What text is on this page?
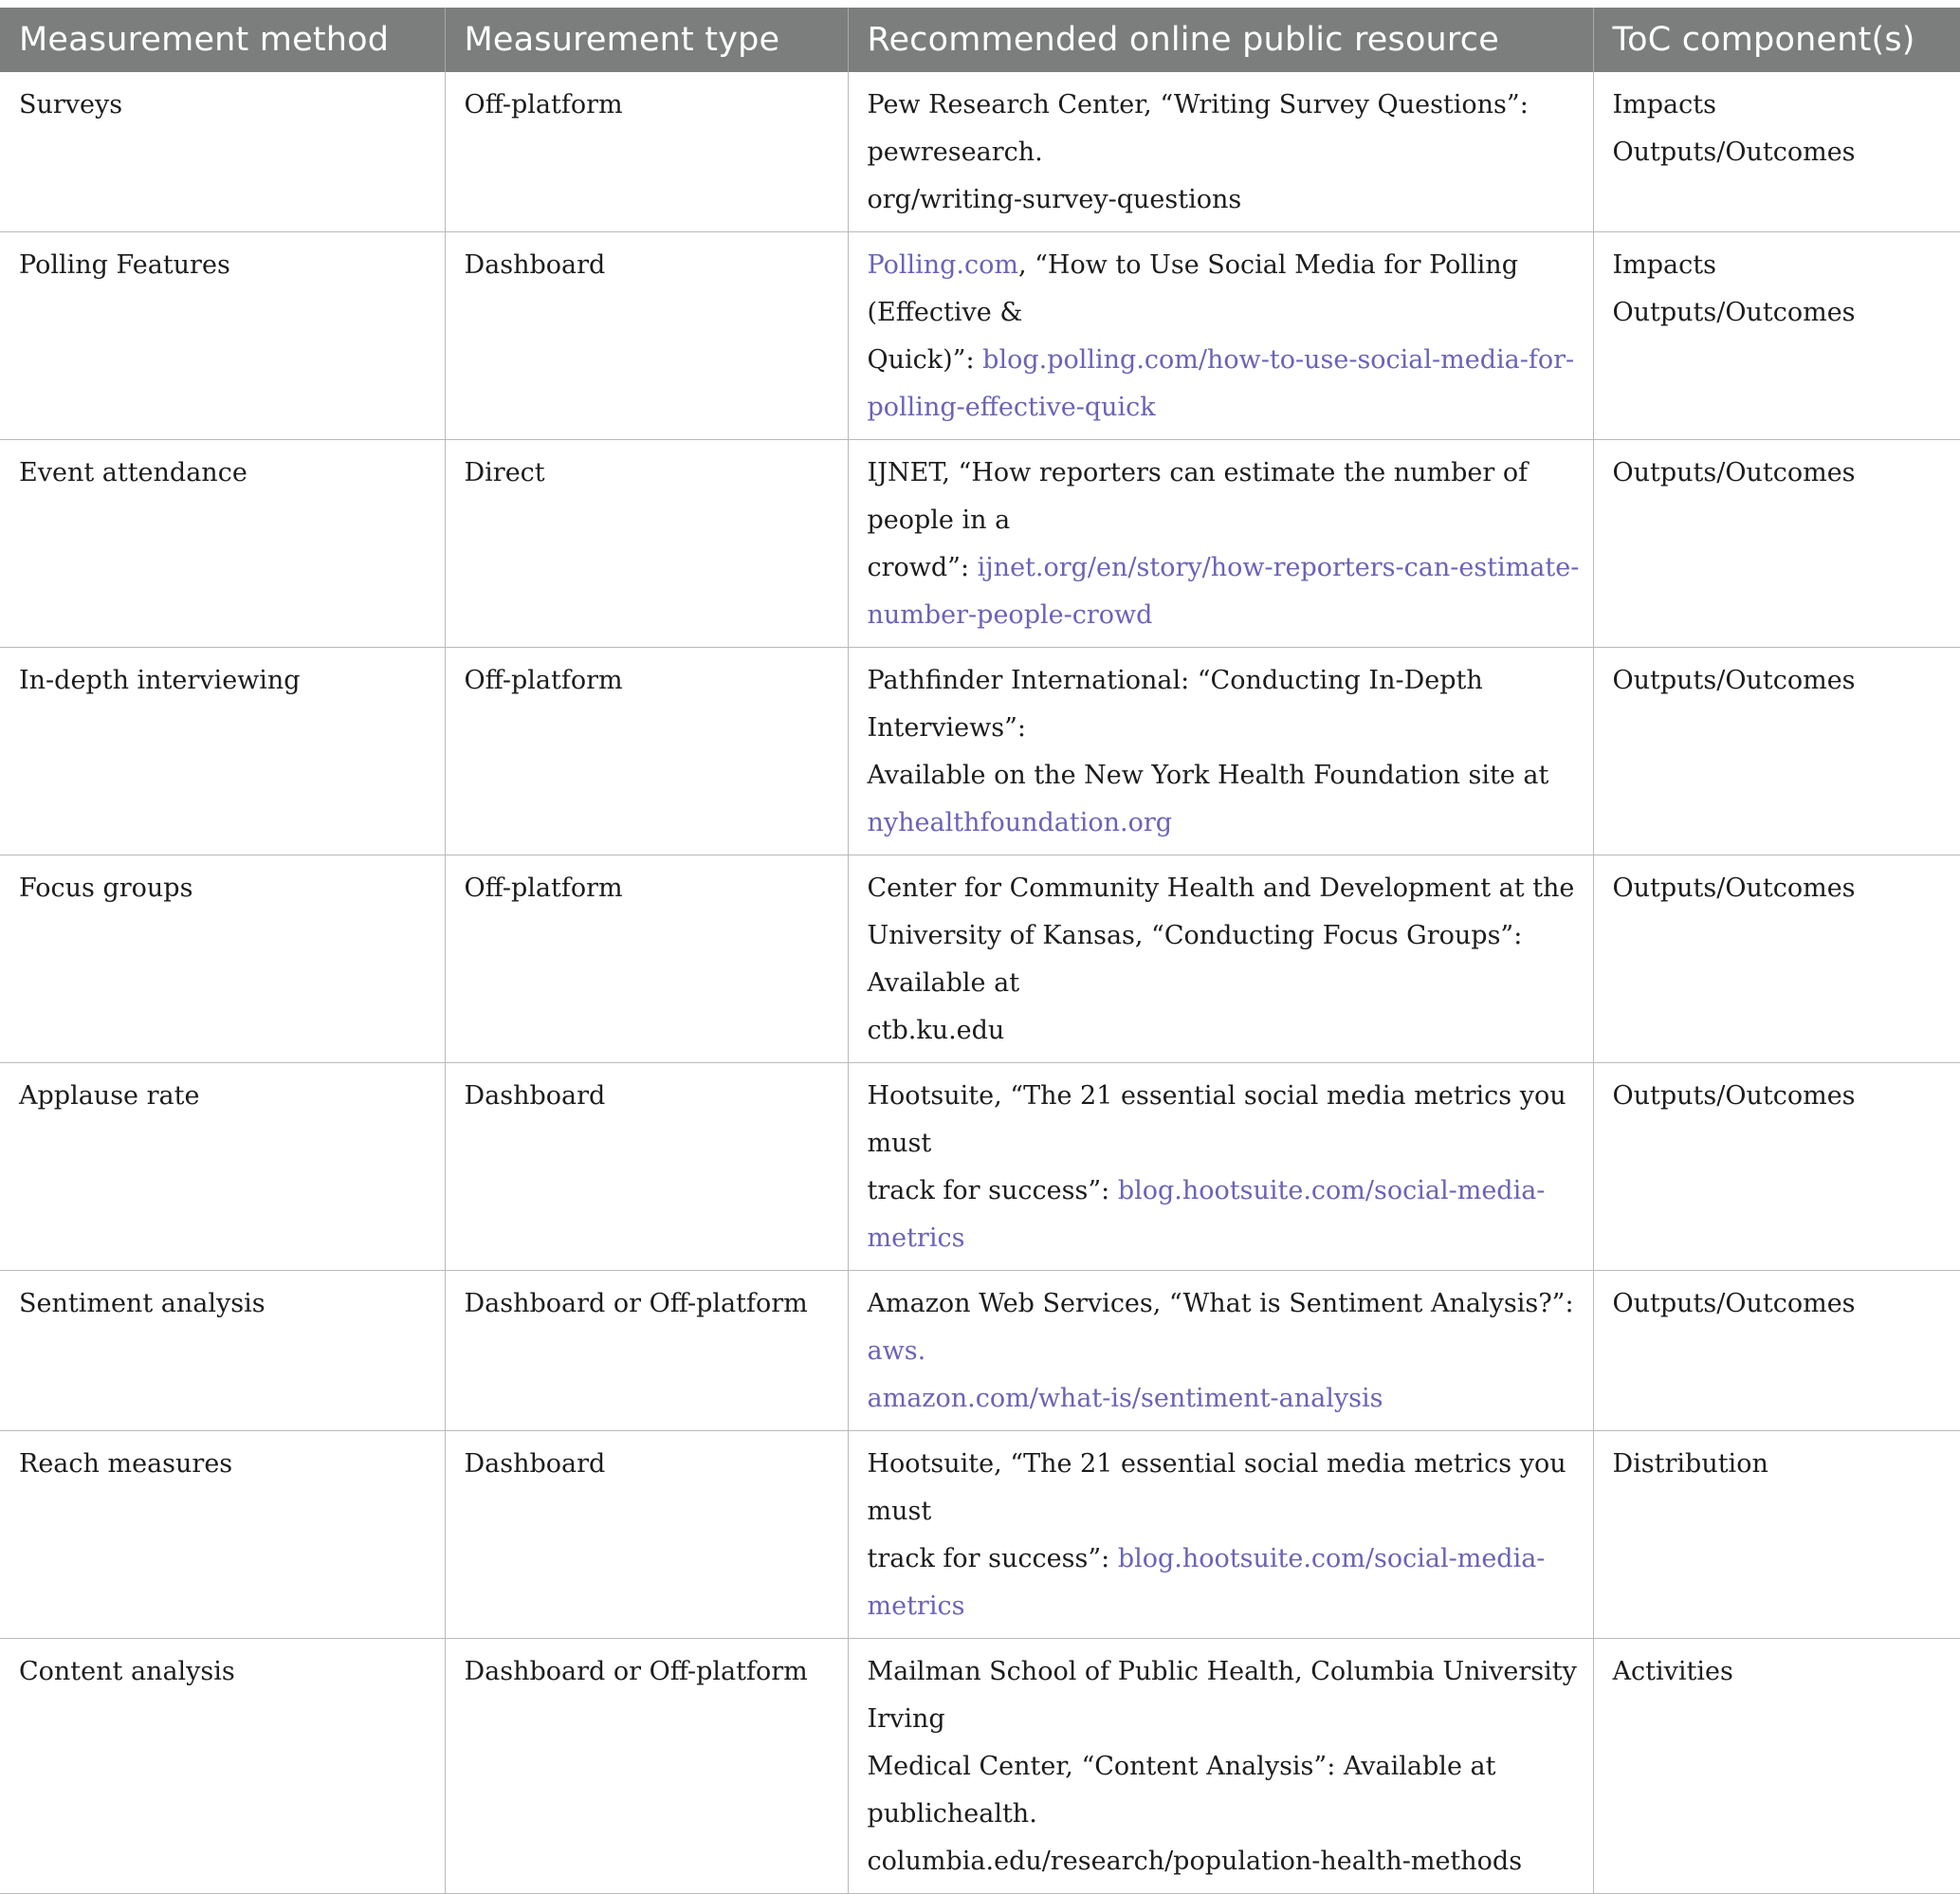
Measurement method	Measurement type	Recommended online public resource	ToC component(s)
Surveys	Off-platform	Pew Research Center, “Writing Survey Questions”: pewresearch.
org/writing-survey-questions	Impacts
Outputs/Outcomes

Polling Features	Dashboard	Polling.com, “How to Use Social Media for Polling (Effective &
Quick)”: blog.polling.com/how-to-use-social-media-for-
polling-effective-quick	Impacts
Outputs/Outcomes

Event attendance	Direct	IJNET, “How reporters can estimate the number of people in a
crowd”: ijnet.org/en/story/how-reporters-can-estimate-
number-people-crowd	Outputs/Outcomes

In-depth interviewing	Off-platform	Pathfinder International: “Conducting In-Depth Interviews”:
Available on the New York Health Foundation site at
nyhealthfoundation.org	Outputs/Outcomes

Focus groups	Off-platform	Center for Community Health and Development at the
University of Kansas, “Conducting Focus Groups”: Available at
ctb.ku.edu	Outputs/Outcomes

Applause rate	Dashboard	Hootsuite, “The 21 essential social media metrics you must
track for success”: blog.hootsuite.com/social-media-metrics	Outputs/Outcomes

Sentiment analysis	Dashboard or Off-platform	Amazon Web Services, “What is Sentiment Analysis?”: aws.
amazon.com/what-is/sentiment-analysis	Outputs/Outcomes

Reach measures	Dashboard	Hootsuite, “The 21 essential social media metrics you must
track for success”: blog.hootsuite.com/social-media-metrics	Distribution

Content analysis	Dashboard or Off-platform	Mailman School of Public Health, Columbia University Irving
Medical Center, “Content Analysis”: Available at publichealth.
columbia.edu/research/population-health-methods	Activities
